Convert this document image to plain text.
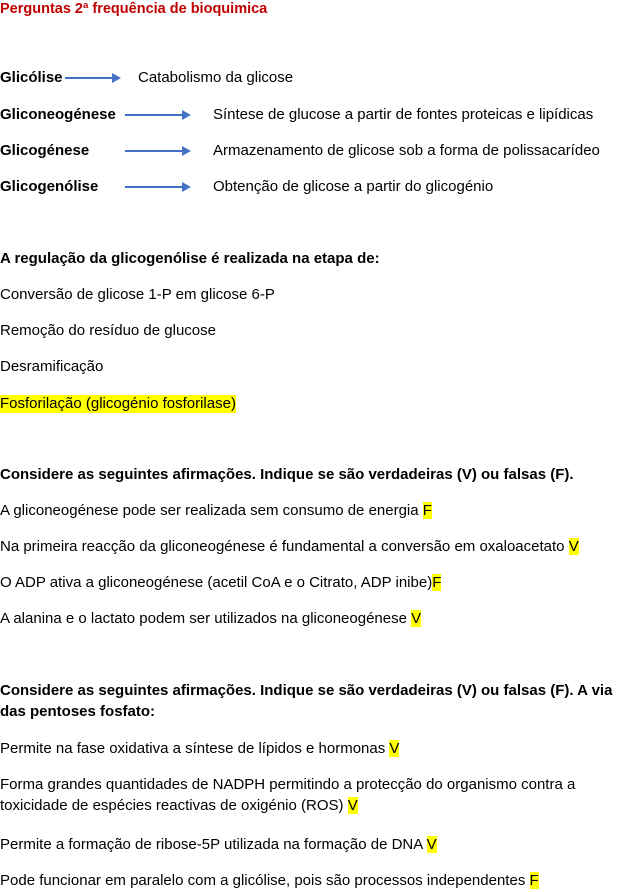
Perguntas 2ª frequência de bioquimica
Glicólise	Catabolismo da glicose
Gliconeogénese	Síntese de glucose a partir de fontes proteicas e lipídicas
Glicogénese	Armazenamento de glicose sob a forma de polissacarídeo
Glicogenólise	Obtenção de glicose a partir do glicogénio
A regulação da glicogenólise é realizada na etapa de:
Conversão de glicose 1-P em glicose 6-P
Remoção do resíduo de glucose
Desramificação
Fosforilação (glicogénio fosforilase)
Considere as seguintes afirmações. Indique se são verdadeiras (V) ou falsas (F).
A gliconeogénese pode ser realizada sem consumo de energia F
Na primeira reacção da gliconeogénese é fundamental a conversão em oxaloacetato V
O ADP ativa a gliconeogénese (acetil CoA e o Citrato, ADP inibe)F
A alanina e o lactato podem ser utilizados na gliconeogénese V
Considere as seguintes afirmações. Indique se são verdadeiras (V) ou falsas (F). A via das pentoses fosfato:
Permite na fase oxidativa a síntese de lípidos e hormonas V
Forma grandes quantidades de NADPH permitindo a protecção do organismo contra a toxicidade de espécies reactivas de oxigénio (ROS) V
Permite a formação de ribose-5P utilizada na formação de DNA V
Pode funcionar em paralelo com a glicólise, pois são processos independentes F
